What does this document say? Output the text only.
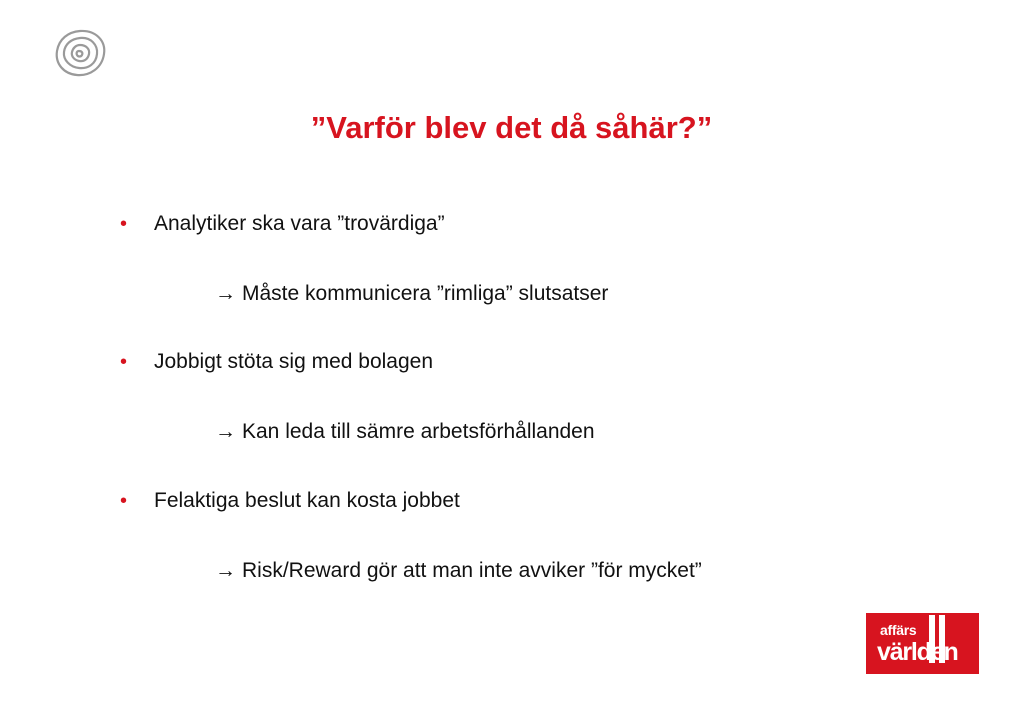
”Varför blev det då såhär?”
• Analytiker ska vara ”trovärdiga”
→ Måste kommunicera ”rimliga” slutsatser
• Jobbigt stöta sig med bolagen
→ Kan leda till sämre arbetsförhållanden
• Felaktiga beslut kan kosta jobbet
→ Risk/Reward gör att man inte avviker ”för mycket”
affärs
världen
